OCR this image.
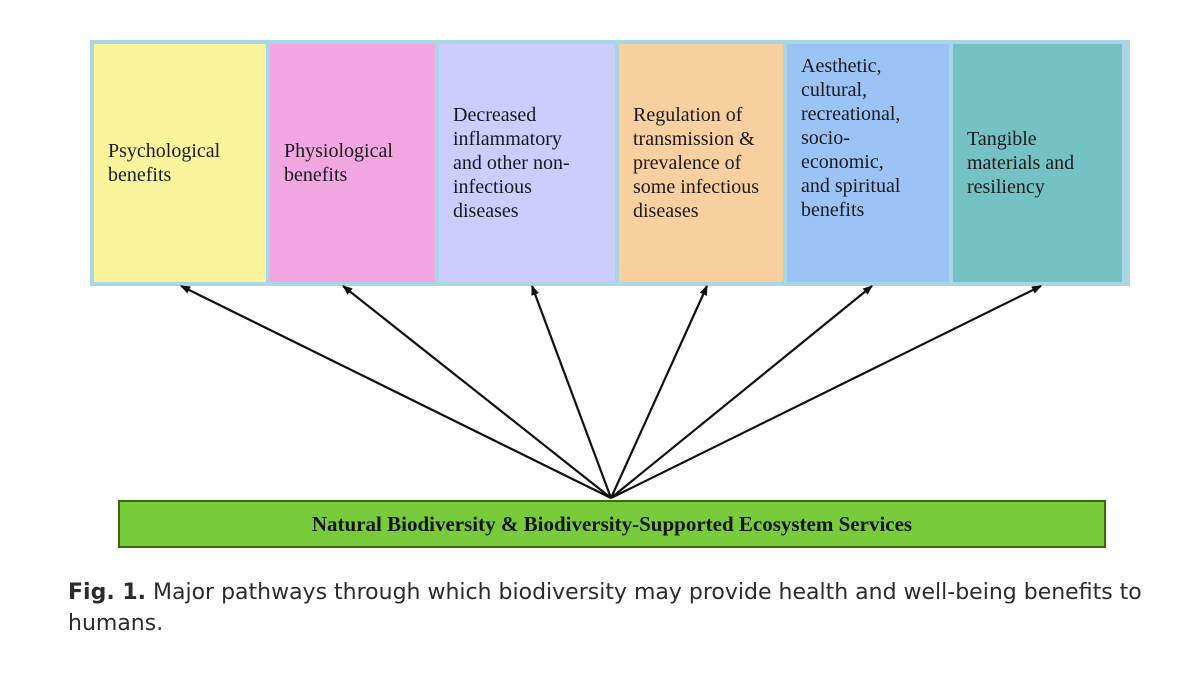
Psychological
benefits
Physiological
benefits
Decreased
inflammatory
and other non-
infectious
diseases
Regulation of
transmission &
prevalence of
some infectious
diseases
Aesthetic,
cultural,
recreational,
socio-
economic,
and spiritual
benefits
Tangible
materials and
resiliency
Natural Biodiversity & Biodiversity-Supported Ecosystem Services
Fig. 1. Major pathways through which biodiversity may provide health and well-being benefits to humans.
